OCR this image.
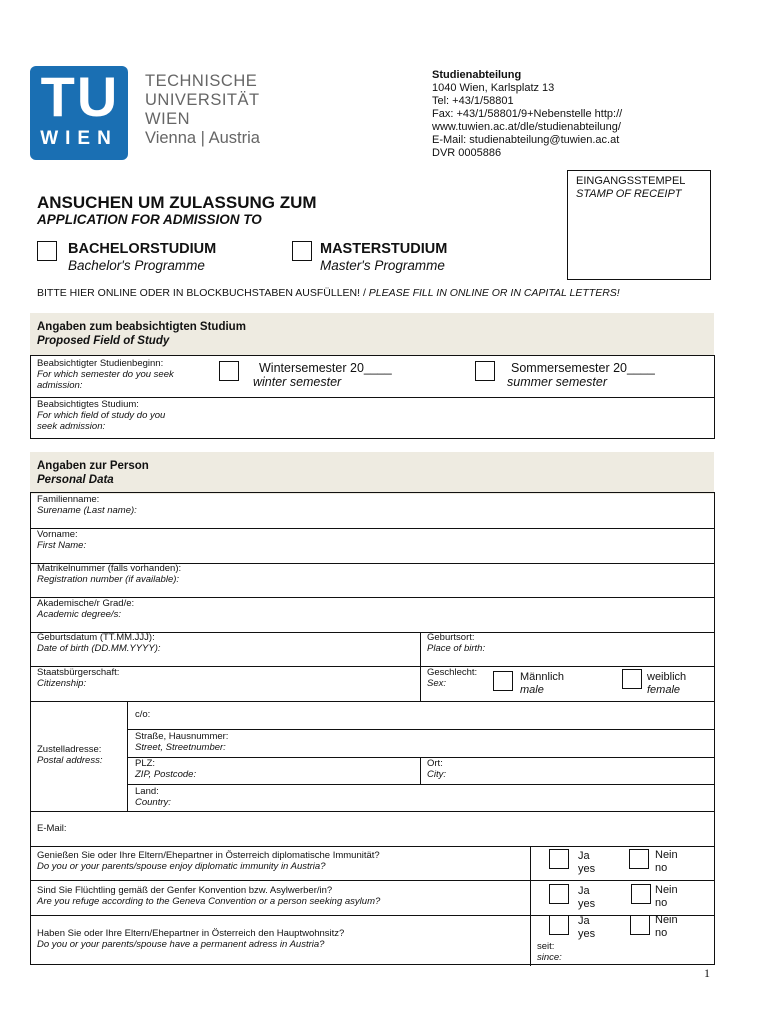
TU
WIEN
TECHNISCHE
UNIVERSITÄT
WIEN
Vienna | Austria
Studienabteilung
1040 Wien, Karlsplatz 13
Tel: +43/1/58801
Fax: +43/1/58801/9+Nebenstelle http://
www.tuwien.ac.at/dle/studienabteilung/
E-Mail: studienabteilung@tuwien.ac.at
DVR 0005886
EINGANGSSTEMPEL
STAMP OF RECEIPT
ANSUCHEN UM ZULASSUNG ZUM
APPLICATION FOR ADMISSION TO
BACHELORSTUDIUM
Bachelor's Programme
MASTERSTUDIUM
Master's Programme
BITTE HIER ONLINE ODER IN BLOCKBUCHSTABEN AUSFÜLLEN! / PLEASE FILL IN ONLINE OR IN CAPITAL LETTERS!
Angaben zum beabsichtigten Studium
Proposed Field of Study
Beabsichtigter Studienbeginn:
For which semester do you seek
admission:
Wintersemester 20____
winter semester
Sommersemester 20____
summer semester
Beabsichtigtes Studium:
For which field of study do you
seek admission:
Angaben zur Person
Personal Data
Familienname:
Surename (Last name):
Vorname:
First Name:
Matrikelnummer (falls vorhanden):
Registration number (if available):
Akademische/r Grad/e:
Academic degree/s:
Geburtsdatum (TT.MM.JJJ):
Date of birth (DD.MM.YYYY):
Geburtsort:
Place of birth:
Staatsbürgerschaft:
Citizenship:
Geschlecht:
Sex:
Männlich
male
weiblich
female
Zustelladresse:
Postal address:
c/o:
Straße, Hausnummer:
Street, Streetnumber:
PLZ:
ZIP, Postcode:
Ort:
City:
Land:
Country:
E-Mail:
Genießen Sie oder Ihre Eltern/Ehepartner in Österreich diplomatische Immunität?
Do you or your parents/spouse enjoy diplomatic immunity in Austria?
Ja
yes
Nein
no
Sind Sie Flüchtling gemäß der Genfer Konvention bzw. Asylwerber/in?
Are you refuge according to the Geneva Convention or a person seeking asylum?
Ja
yes
Nein
no
Haben Sie oder Ihre Eltern/Ehepartner in Österreich den Hauptwohnsitz?
Do you or your parents/spouse have a permanent adress in Austria?
Ja
yes
Nein
no
seit:
since:
1
